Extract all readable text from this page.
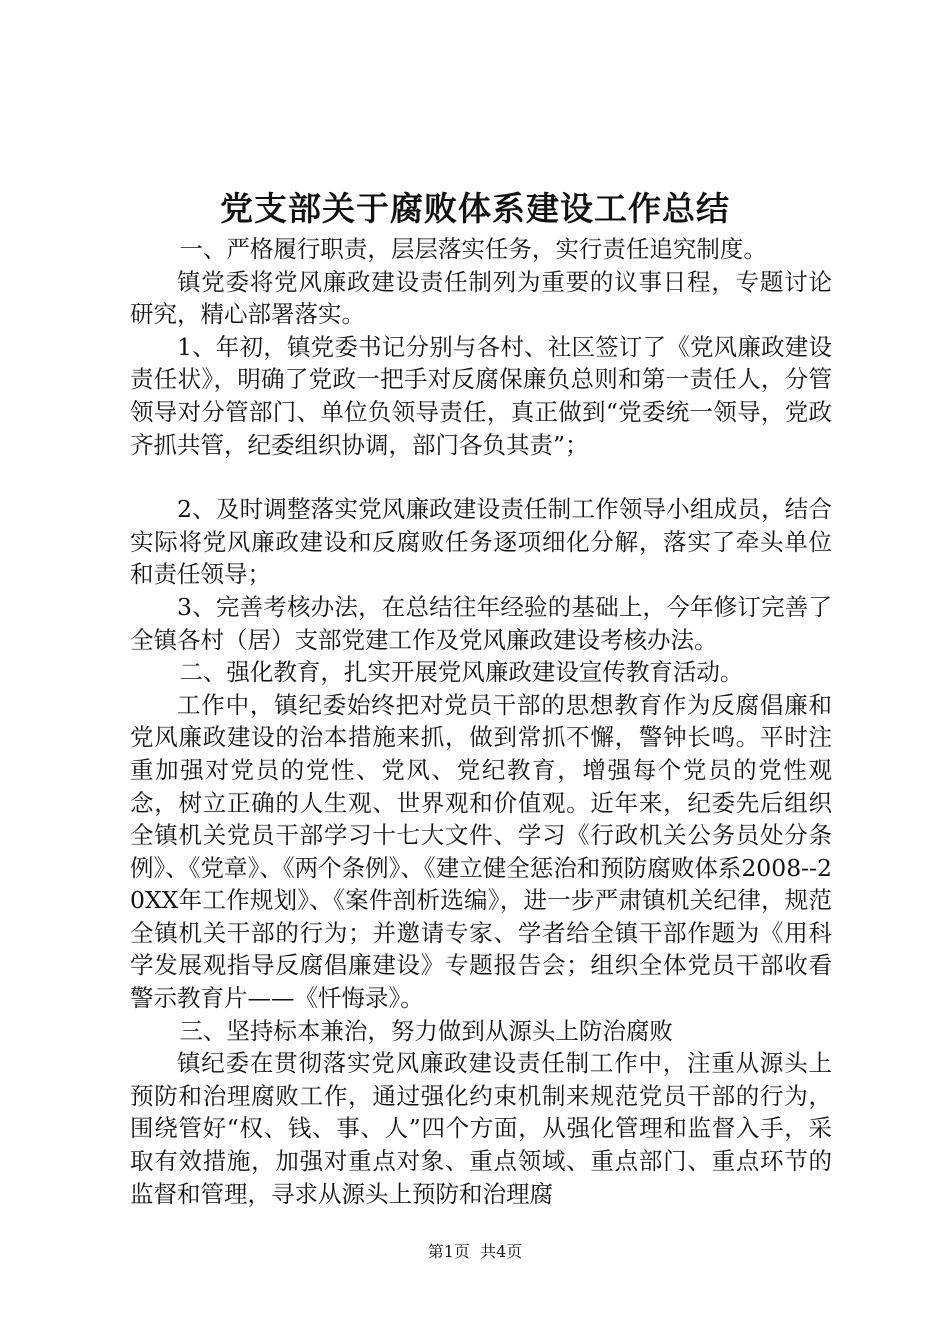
党支部关于腐败体系建设工作总结

一、严格履行职责，层层落实任务，实行责任追究制度。

镇党委将党风廉政建设责任制列为重要的议事日程，专题讨论研究，精心部署落实。

1、年初，镇党委书记分别与各村、社区签订了《党风廉政建设责任状》，明确了党政一把手对反腐保廉负总则和第一责任人，分管领导对分管部门、单位负领导责任，真正做到“党委统一领导，党政齐抓共管，纪委组织协调，部门各负其责”；

2、及时调整落实党风廉政建设责任制工作领导小组成员，结合实际将党风廉政建设和反腐败任务逐项细化分解，落实了牵头单位和责任领导；

3、完善考核办法，在总结往年经验的基础上，今年修订完善了全镇各村（居）支部党建工作及党风廉政建设考核办法。

二、强化教育，扎实开展党风廉政建设宣传教育活动。

工作中，镇纪委始终把对党员干部的思想教育作为反腐倡廉和党风廉政建设的治本措施来抓，做到常抓不懈，警钟长鸣。平时注重加强对党员的党性、党风、党纪教育，增强每个党员的党性观念，树立正确的人生观、世界观和价值观。近年来，纪委先后组织全镇机关党员干部学习十七大文件、学习《行政机关公务员处分条例》、《党章》、《两个条例》、《建立健全惩治和预防腐败体系2008--20XX年工作规划》、《案件剖析选编》，进一步严肃镇机关纪律，规范全镇机关干部的行为；并邀请专家、学者给全镇干部作题为《用科学发展观指导反腐倡廉建设》专题报告会；组织全体党员干部收看警示教育片——《忏悔录》。

三、坚持标本兼治，努力做到从源头上防治腐败

镇纪委在贯彻落实党风廉政建设责任制工作中，注重从源头上预防和治理腐败工作，通过强化约束机制来规范党员干部的行为，围绕管好“权、钱、事、人”四个方面，从强化管理和监督入手，采取有效措施，加强对重点对象、重点领域、重点部门、重点环节的监督和管理，寻求从源头上预防和治理腐

第1页  共4页
